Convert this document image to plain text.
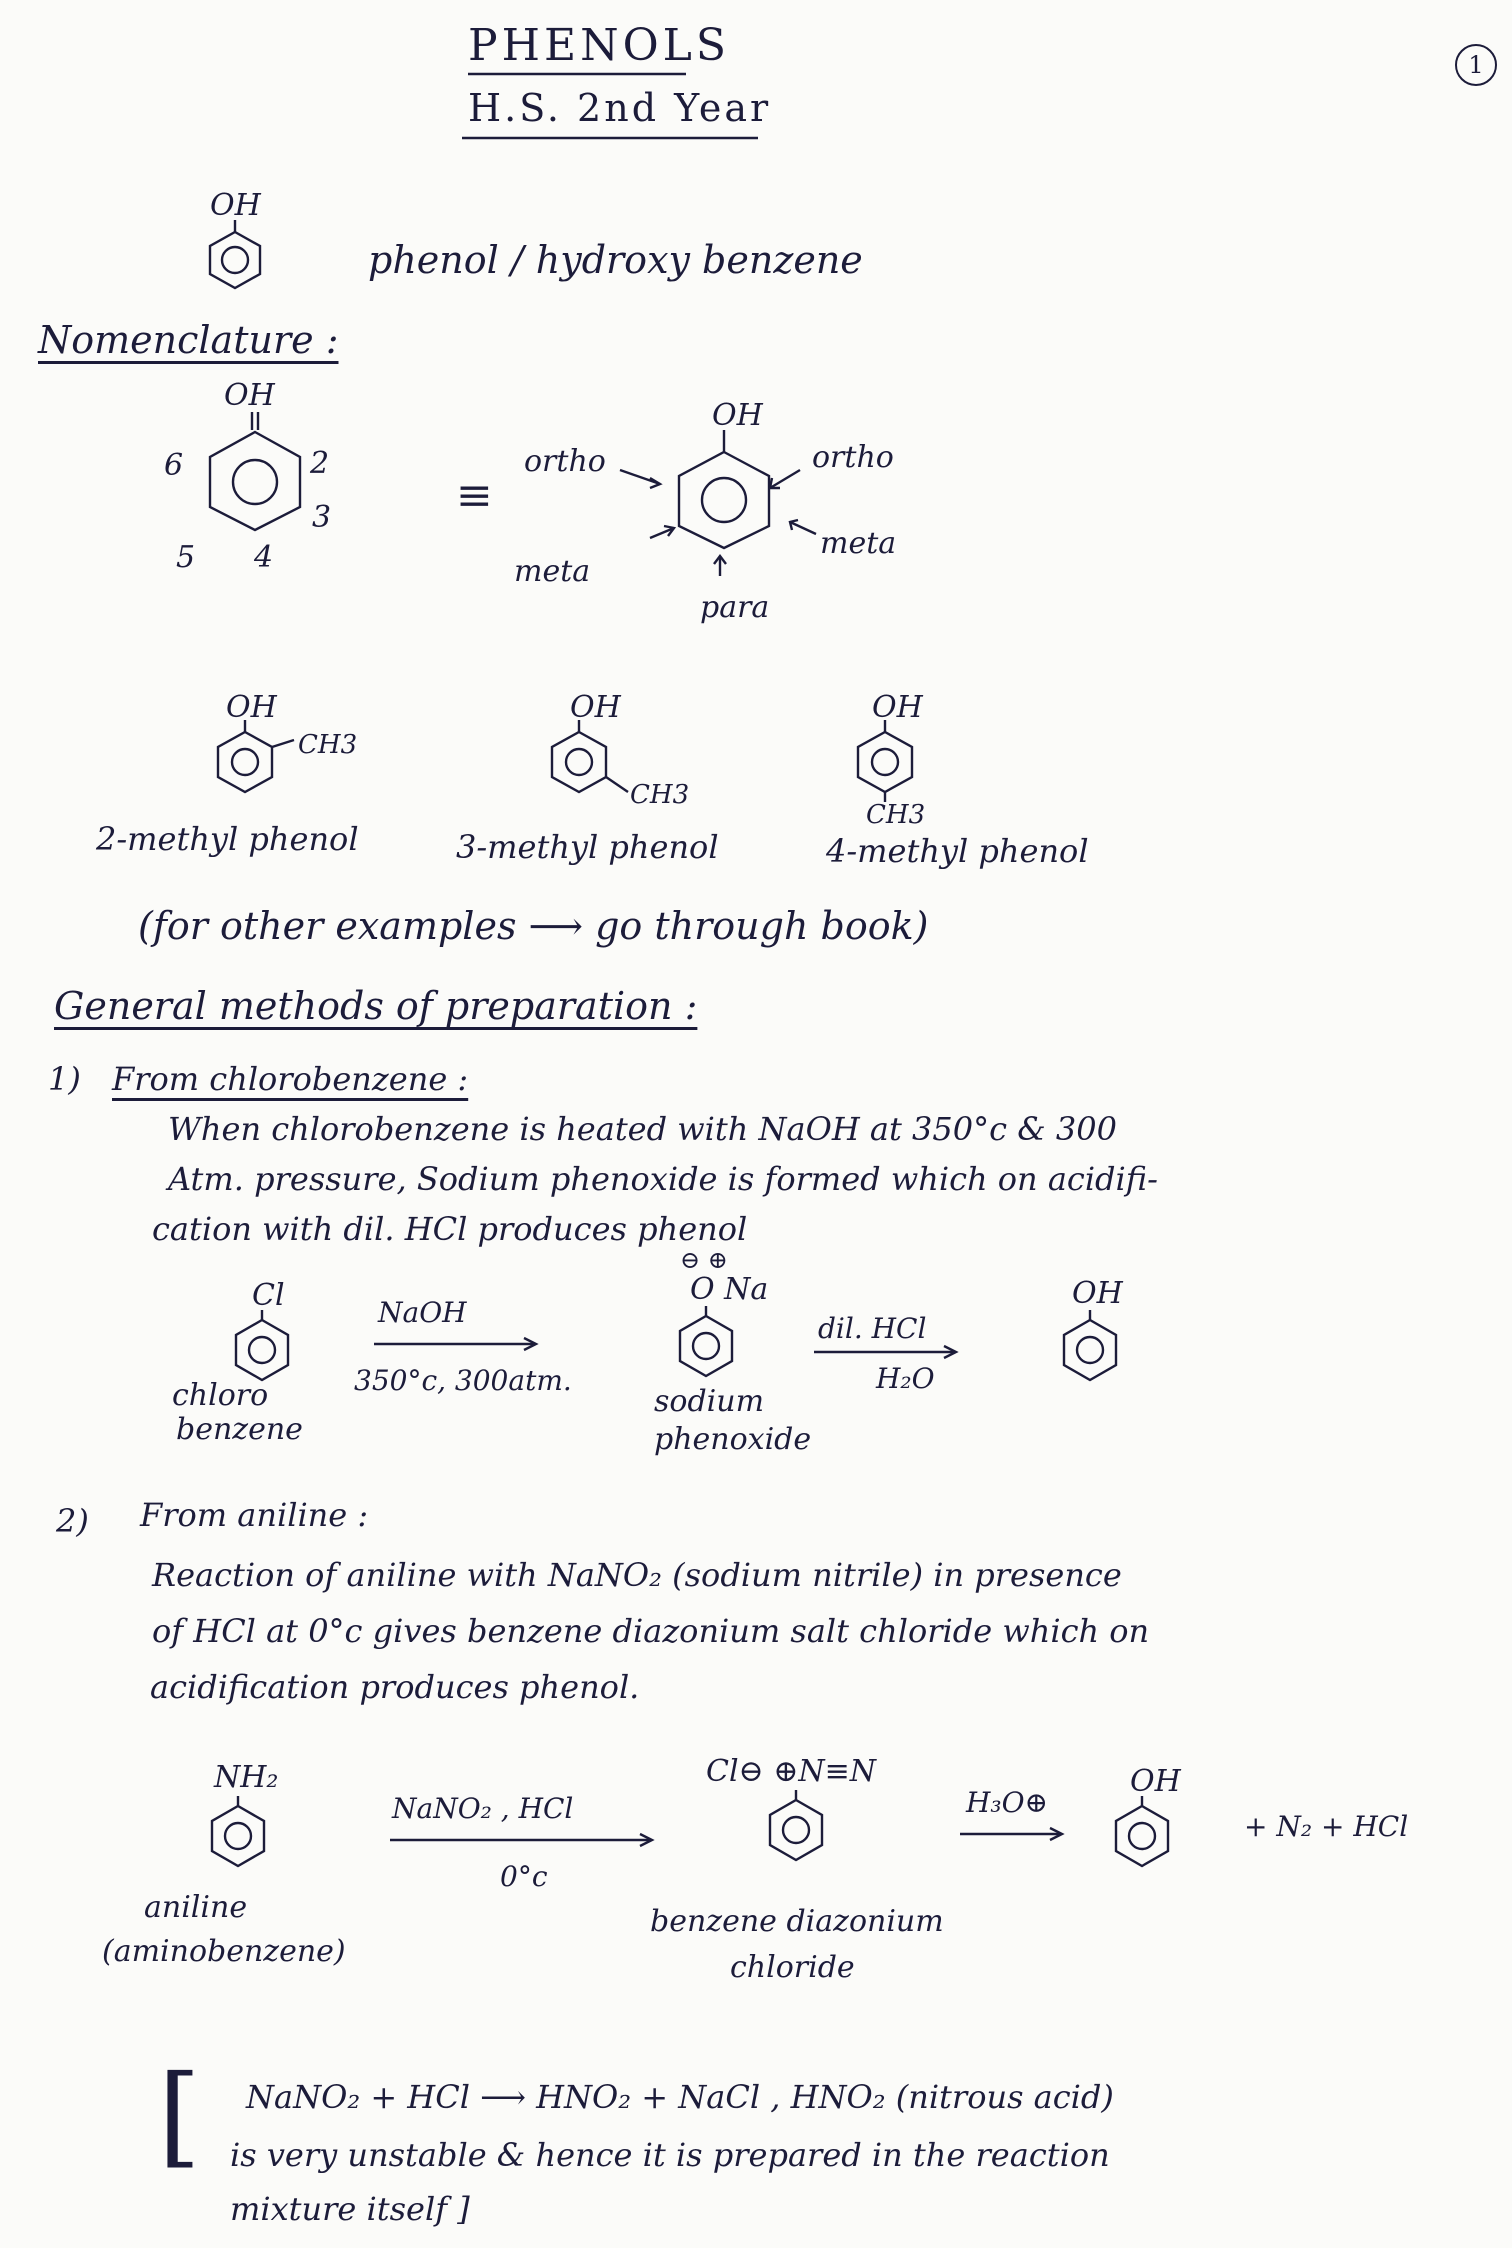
PHENOLS
H.S. 2nd Year
1
OH
phenol / hydroxy benzene
Nomenclature :
OH
6	2
3
5 4
≡
OH
ortho	ortho
meta
meta
para
OH
CH3
2-methyl phenol
OH
CH3
3-methyl phenol
OH
CH3
4-methyl phenol
(for other examples ⟶ go through book)
General methods of preparation :
1) From chlorobenzene :
When chlorobenzene is heated with NaOH at 350°c & 300
Atm. pressure, Sodium phenoxide is formed which on acidifi-
cation with dil. HCl produces phenol
Cl	NaOH
350°c, 300atm.
⊖ ⊕
O Na
dil. HCl
H₂O
OH
chloro
benzene
sodium
phenoxide
2) From aniline :
Reaction of aniline with NaNO₂ (sodium nitrile) in presence
of HCl at 0°c gives benzene diazonium salt chloride which on
acidification produces phenol.
NH₂
NaNO₂ , HCl
0°c
Cl⊖ ⊕N≡N
H₃O⊕
OH
+ N₂ + HCl
aniline
(aminobenzene)
benzene diazonium
chloride
[ NaNO₂ + HCl ⟶ HNO₂ + NaCl , HNO₂ (nitrous acid)
is very unstable & hence it is prepared in the reaction
mixture itself ]
